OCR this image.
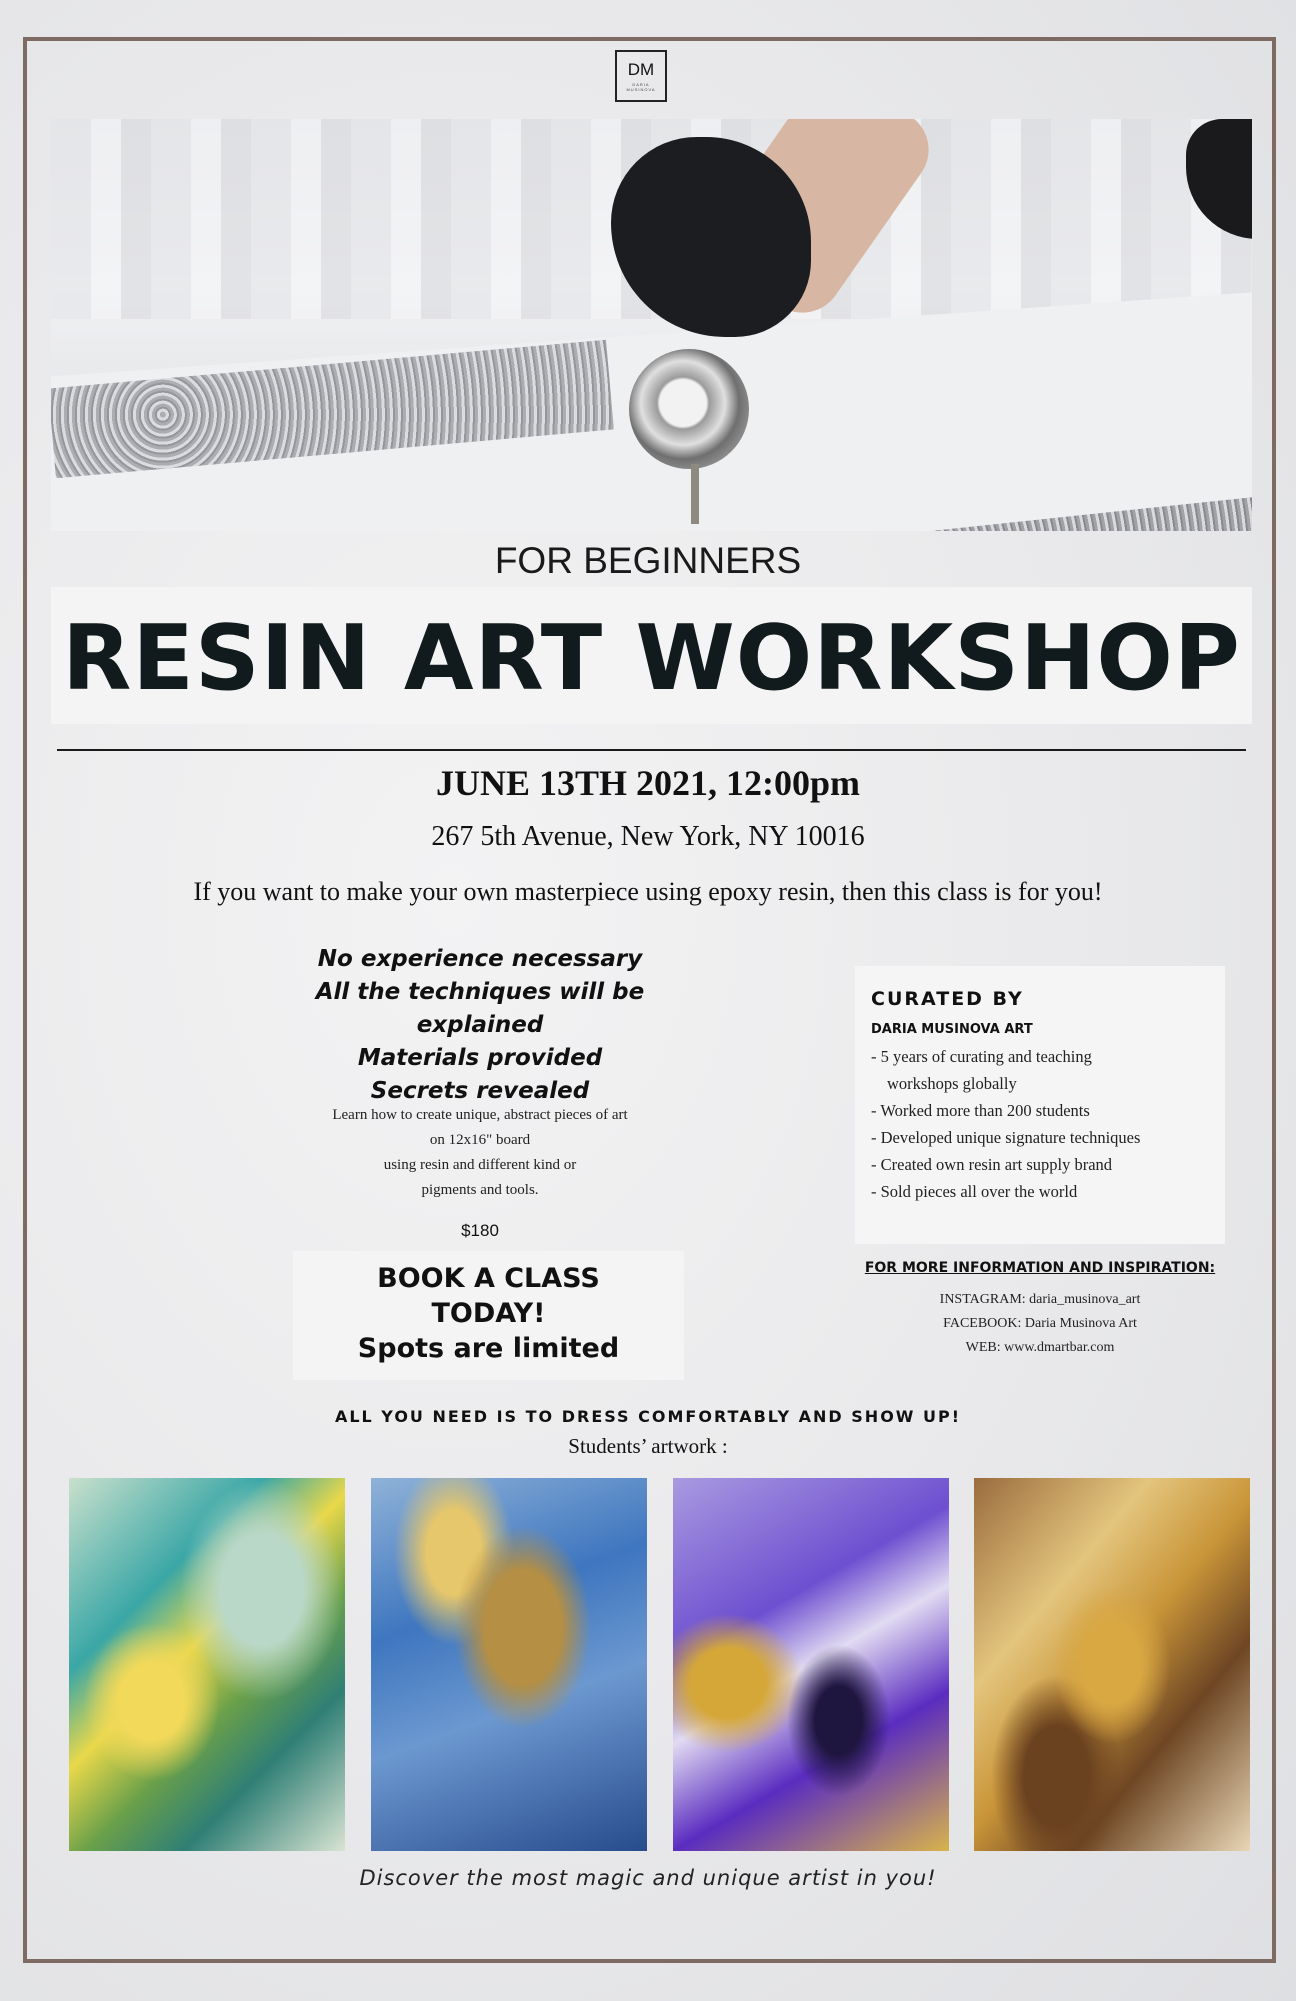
DM
DARIA MUSINOVA
FOR BEGINNERS
RESIN ART WORKSHOP
JUNE 13TH 2021, 12:00pm
267 5th Avenue, New York, NY 10016
If you want to make your own masterpiece using epoxy resin, then this class is for you!
No experience necessary
All the techniques will be explained
Materials provided
Secrets revealed
Learn how to create unique, abstract pieces of art
on 12x16" board
using resin and different kind or
pigments and tools.
$180
BOOK A CLASS
TODAY!
Spots are limited
CURATED BY
DARIA MUSINOVA ART
- 5 years of curating and teaching
workshops globally
- Worked more than 200 students
- Developed unique signature techniques
- Created own resin art supply brand
- Sold pieces all over the world
FOR MORE INFORMATION AND INSPIRATION:
INSTAGRAM: daria_musinova_art
FACEBOOK: Daria Musinova Art
WEB: www.dmartbar.com
ALL YOU NEED IS TO DRESS COMFORTABLY AND SHOW UP!
Students’ artwork :
Discover the most magic and unique artist in you!
